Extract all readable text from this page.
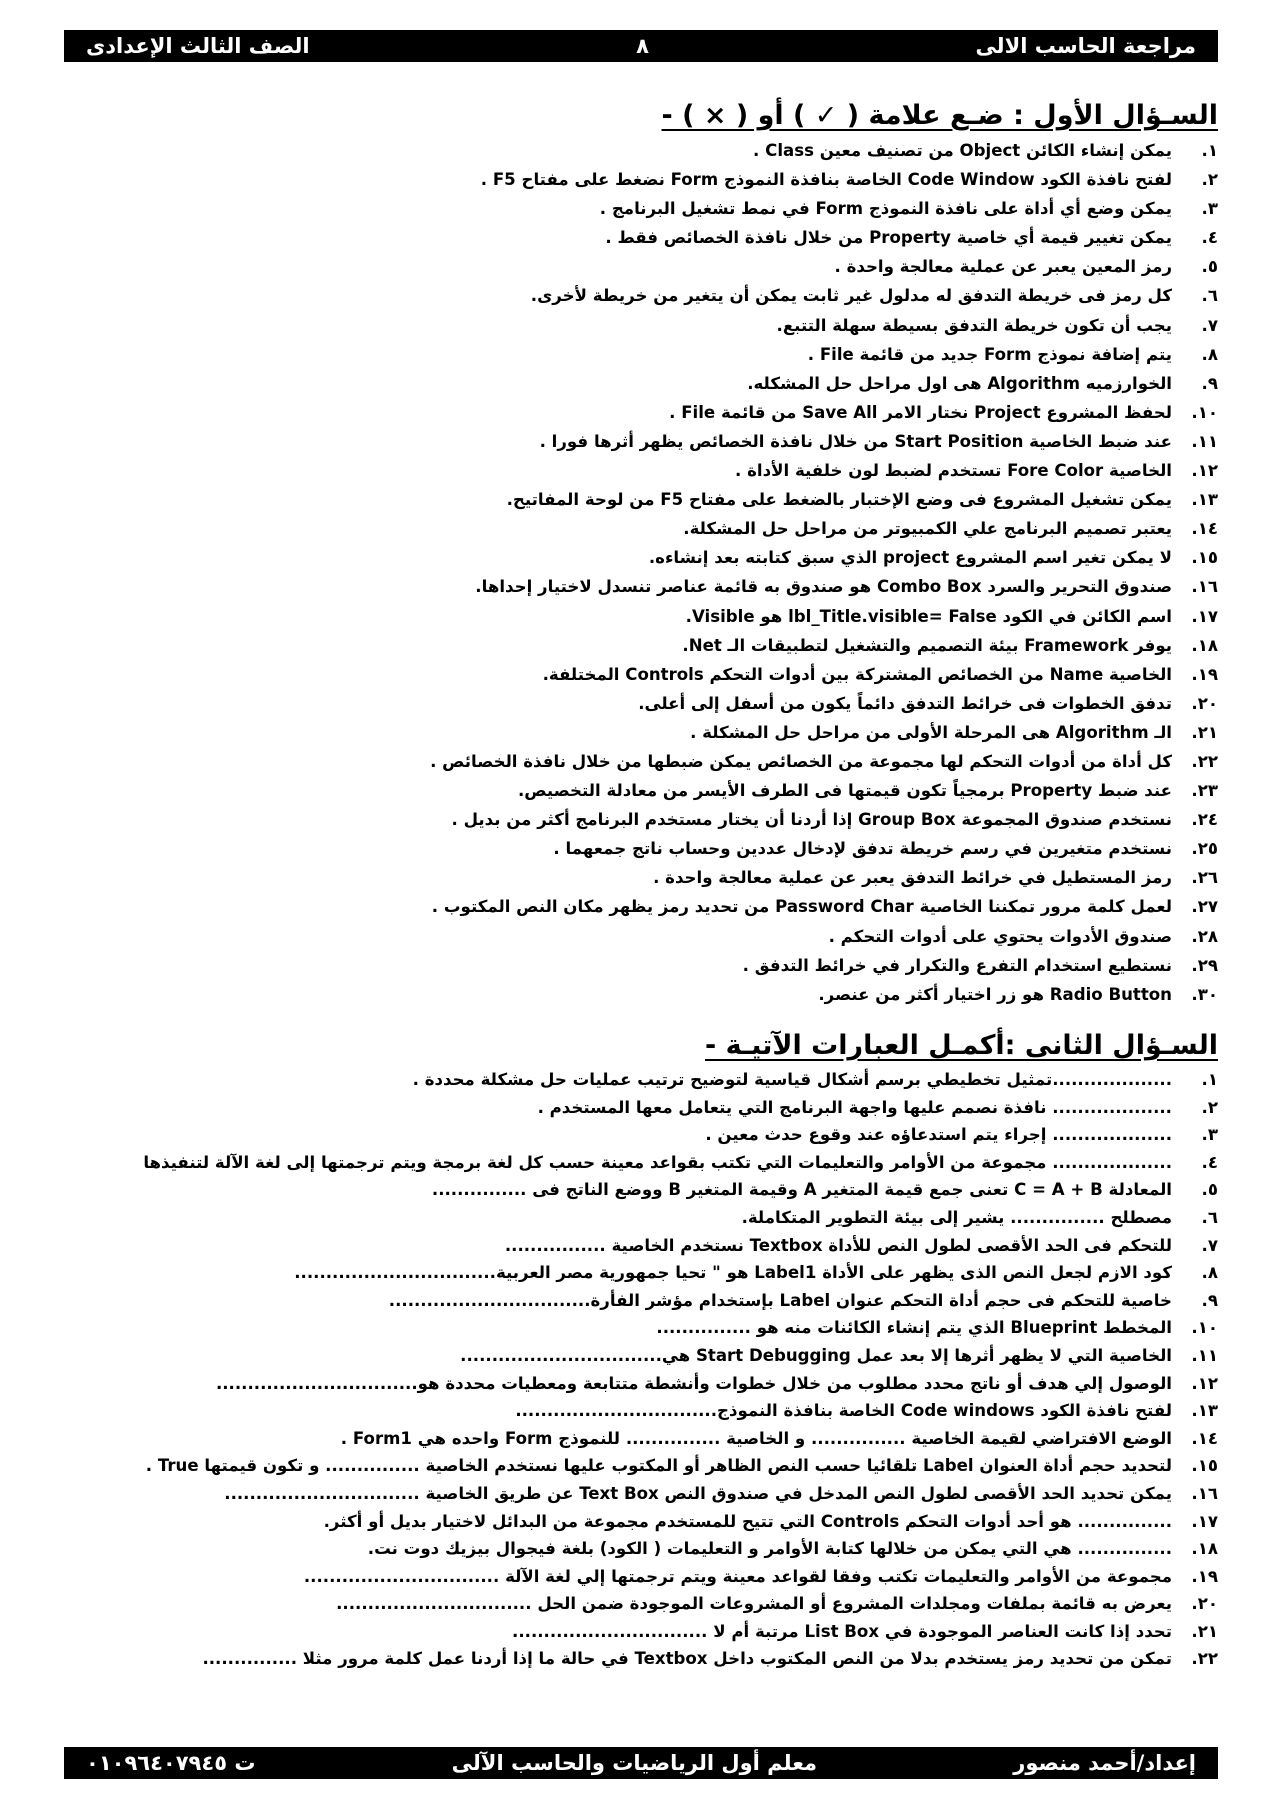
مراجعة الحاسب الالى
٨
الصف الثالث الإعدادى
السـؤال الأول : ضـع علامة ( ✓ ) أو ( × ) -
١.
يمكن إنشاء الكائن Object من تصنيف معين Class .
٢.
لفتح نافذة الكود Code Window الخاصة بنافذة النموذج Form نضغط على مفتاح F5 .
٣.
يمكن وضع أي أداة على نافذة النموذج Form في نمط تشغيل البرنامج .
٤.
يمكن تغيير قيمة أي خاصية Property من خلال نافذة الخصائص فقط .
٥.
رمز المعين يعبر عن عملية معالجة واحدة .
٦.
كل رمز فى خريطة التدفق له مدلول غير ثابت يمكن أن يتغير من خريطة لأخرى.
٧.
يجب أن تكون خريطة التدفق بسيطة سهلة التتبع.
٨.
يتم إضافة نموذج Form جديد من قائمة File .
٩.
الخوارزميه Algorithm هى اول مراحل حل المشكله.
١٠.
لحفظ المشروع Project نختار الامر Save All من قائمة File .
١١.
عند ضبط الخاصية Start Position من خلال نافذة الخصائص يظهر أثرها فورا .
١٢.
الخاصية Fore Color تستخدم لضبط لون خلفية الأداة .
١٣.
يمكن تشغيل المشروع فى وضع الإختبار بالضغط على مفتاح F5 من لوحة المفاتيح.
١٤.
يعتبر تصميم البرنامج علي الكمبيوتر من مراحل حل المشكلة.
١٥.
لا يمكن تغير اسم المشروع project الذي سبق كتابته بعد إنشاءه.
١٦.
صندوق التحرير والسرد Combo Box هو صندوق به قائمة عناصر تنسدل لاختيار إحداها.
١٧.
اسم الكائن في الكود lbl_Title.visible= False هو Visible.
١٨.
يوفر Framework بيئة التصميم والتشغيل لتطبيقات الـ Net.
١٩.
الخاصية Name من الخصائص المشتركة بين أدوات التحكم Controls المختلفة.
٢٠.
تدفق الخطوات فى خرائط التدفق دائماً يكون من أسفل إلى أعلى.
٢١.
الـ Algorithm هى المرحلة الأولى من مراحل حل المشكلة .
٢٢.
كل أداة من أدوات التحكم لها مجموعة من الخصائص يمكن ضبطها من خلال نافذة الخصائص .
٢٣.
عند ضبط Property برمجياً تكون قيمتها فى الطرف الأيسر من معادلة التخصيص.
٢٤.
نستخدم صندوق المجموعة Group Box إذا أردنا أن يختار مستخدم البرنامج أكثر من بديل .
٢٥.
نستخدم متغيرين في رسم خريطة تدفق لإدخال عددين وحساب ناتج جمعهما .
٢٦.
رمز المستطيل في خرائط التدفق يعبر عن عملية معالجة واحدة .
٢٧.
لعمل كلمة مرور تمكننا الخاصية Password Char من تحديد رمز يظهر مكان النص المكتوب .
٢٨.
صندوق الأدوات يحتوي على أدوات التحكم .
٢٩.
نستطيع استخدام التفرع والتكرار في خرائط التدفق .
٣٠.
Radio Button هو زر اختيار أكثر من عنصر.
السـؤال الثانى :أكمـل العبارات الآتيـة -
١.
...................تمثيل تخطيطي برسم أشكال قياسية لتوضيح ترتيب عمليات حل مشكلة محددة .
٢.
................... نافذة نصمم عليها واجهة البرنامج التي يتعامل معها المستخدم .
٣.
................... إجراء يتم استدعاؤه عند وقوع حدث معين .
٤.
................... مجموعة من الأوامر والتعليمات التي تكتب بقواعد معينة حسب كل لغة برمجة ويتم ترجمتها إلى لغة الآلة لتنفيذها
٥.
المعادلة C = A + B تعنى جمع قيمة المتغير A وقيمة المتغير B ووضع الناتج فى ...............
٦.
مصطلح ............... يشير إلى بيئة التطوير المتكاملة.
٧.
للتحكم فى الحد الأقصى لطول النص للأداة Textbox نستخدم الخاصية ................
٨.
كود الازم لجعل النص الذى يظهر على الأداة Label1 هو " تحيا جمهورية مصر العربية................................
٩.
خاصية للتحكم فى حجم أداة التحكم عنوان Label بإستخدام مؤشر الفأرة................................
١٠.
المخطط Blueprint الذي يتم إنشاء الكائنات منه هو ...............
١١.
الخاصية التي لا يظهر أثرها إلا بعد عمل Start Debugging هي................................
١٢.
الوصول إلي هدف أو ناتج محدد مطلوب من خلال خطوات وأنشطة متتابعة ومعطيات محددة هو................................
١٣.
لفتح نافذة الكود Code windows الخاصة بنافذة النموذج................................
١٤.
الوضع الافتراضي لقيمة الخاصية ............... و الخاصية ............... للنموذج Form واحده هي Form1 .
١٥.
لتحديد حجم أداة العنوان Label تلقائيا حسب النص الظاهر أو المكتوب عليها نستخدم الخاصية ............... و تكون قيمتها True .
١٦.
يمكن تحديد الحد الأقصى لطول النص المدخل في صندوق النص Text Box عن طريق الخاصية ...............................
١٧.
............... هو أحد أدوات التحكم Controls التي تتيح للمستخدم مجموعة من البدائل لاختيار بديل أو أكثر.
١٨.
............... هي التي يمكن من خلالها كتابة الأوامر و التعليمات ( الكود) بلغة فيجوال بيزيك دوت نت.
١٩.
مجموعة من الأوامر والتعليمات تكتب وفقا لقواعد معينة ويتم ترجمتها إلي لغة الآلة ...............................
٢٠.
يعرض به قائمة بملفات ومجلدات المشروع أو المشروعات الموجودة ضمن الحل ...............................
٢١.
تحدد إذا كانت العناصر الموجودة في List Box مرتبة أم لا ...............................
٢٢.
تمكن من تحديد رمز يستخدم بدلا من النص المكتوب داخل Textbox في حالة ما إذا أردنا عمل كلمة مرور مثلا ...............
إعداد/أحمد منصور
معلم أول الرياضيات والحاسب الآلى
ت ٠١٠٩٦٤٠٧٩٤٥
